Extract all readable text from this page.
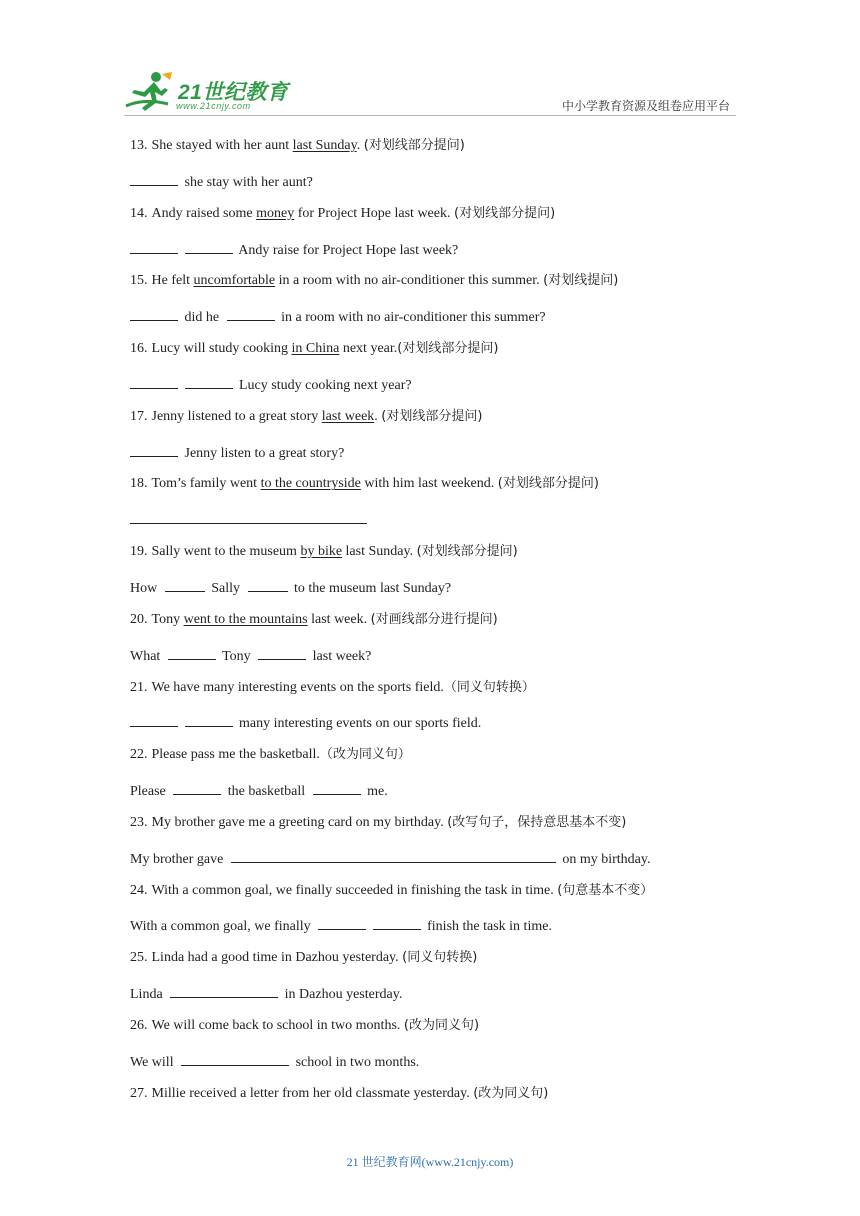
21世纪教育
www.21cnjy.com	中小学教育资源及组卷应用平台
13. She stayed with her aunt last Sunday. (对划线部分提问)
she stay with her aunt?
14. Andy raised some money for Project Hope last week. (对划线部分提问)
Andy raise for Project Hope last week?
15. He felt uncomfortable in a room with no air-conditioner this summer. (对划线提问)
did he	in a room with no air-conditioner this summer?
16. Lucy will study cooking in China next year.(对划线部分提问)
Lucy study cooking next year?
17. Jenny listened to a great story last week. (对划线部分提问)
Jenny listen to a great story?
18. Tom’s family went to the countryside with him last weekend. (对划线部分提问)
19. Sally went to the museum by bike last Sunday. (对划线部分提问)
How	Sally	to the museum last Sunday?
20. Tony went to the mountains last week. (对画线部分进行提问)
What	Tony	last week?
21. We have many interesting events on the sports field.（同义句转换）
many interesting events on our sports field.
22. Please pass me the basketball.（改为同义句）
Please	the basketball	me.
23. My brother gave me a greeting card on my birthday. (改写句子，保持意思基本不变)
My brother gave	on my birthday.
24. With a common goal, we finally succeeded in finishing the task in time. (句意基本不变）
With a common goal, we finally	finish the task in time.
25. Linda had a good time in Dazhou yesterday. (同义句转换)
Linda	in Dazhou yesterday.
26. We will come back to school in two months. (改为同义句)
We will	school in two months.
27. Millie received a letter from her old classmate yesterday. (改为同义句)
21 世纪教育网(www.21cnjy.com)
